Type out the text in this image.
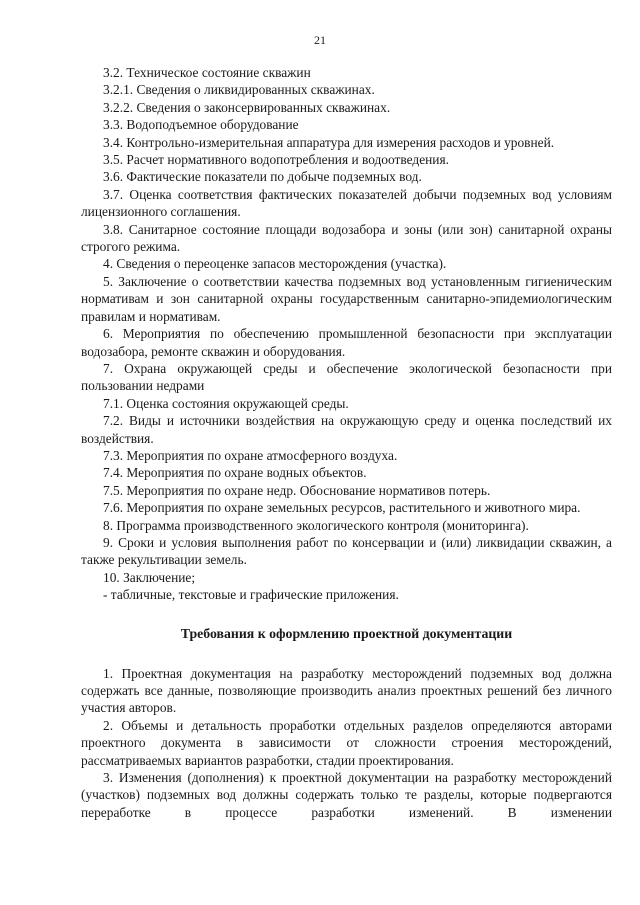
21

3.2. Техническое состояние скважин

3.2.1. Сведения о ликвидированных скважинах.

3.2.2. Сведения о законсервированных скважинах.

3.3. Водоподъемное оборудование

3.4. Контрольно-измерительная аппаратура для измерения расходов и уровней.

3.5. Расчет нормативного водопотребления и водоотведения.

3.6. Фактические показатели по добыче подземных вод.

3.7. Оценка соответствия фактических показателей добычи подземных вод условиям лицензионного соглашения.

3.8. Санитарное состояние площади водозабора и зоны (или зон) санитарной охраны строгого режима.

4. Сведения о переоценке запасов месторождения (участка).

5. Заключение о соответствии качества подземных вод установленным гигиеническим нормативам и зон санитарной охраны государственным санитарно-эпидемиологическим правилам и нормативам.

6. Мероприятия по обеспечению промышленной безопасности при эксплуатации водозабора, ремонте скважин и оборудования.

7. Охрана окружающей среды и обеспечение экологической безопасности при пользовании недрами

7.1. Оценка состояния окружающей среды.

7.2. Виды и источники воздействия на окружающую среду и оценка последствий их воздействия.

7.3. Мероприятия по охране атмосферного воздуха.

7.4. Мероприятия по охране водных объектов.

7.5. Мероприятия по охране недр. Обоснование нормативов потерь.

7.6. Мероприятия по охране земельных ресурсов, растительного и животного мира.

8. Программа производственного экологического контроля (мониторинга).

9. Сроки и условия выполнения работ по консервации и (или) ликвидации скважин, а также рекультивации земель.

10. Заключение;

- табличные, текстовые и графические приложения.

Требования к оформлению проектной документации

1. Проектная документация на разработку месторождений подземных вод должна содержать все данные, позволяющие производить анализ проектных решений без личного участия авторов.

2. Объемы и детальность проработки отдельных разделов определяются авторами проектного документа в зависимости от сложности строения месторождений, рассматриваемых вариантов разработки, стадии проектирования.

3. Изменения (дополнения) к проектной документации на разработку месторождений (участков) подземных вод должны содержать только те разделы, которые подвергаются переработке в процессе разработки изменений. В изменении
